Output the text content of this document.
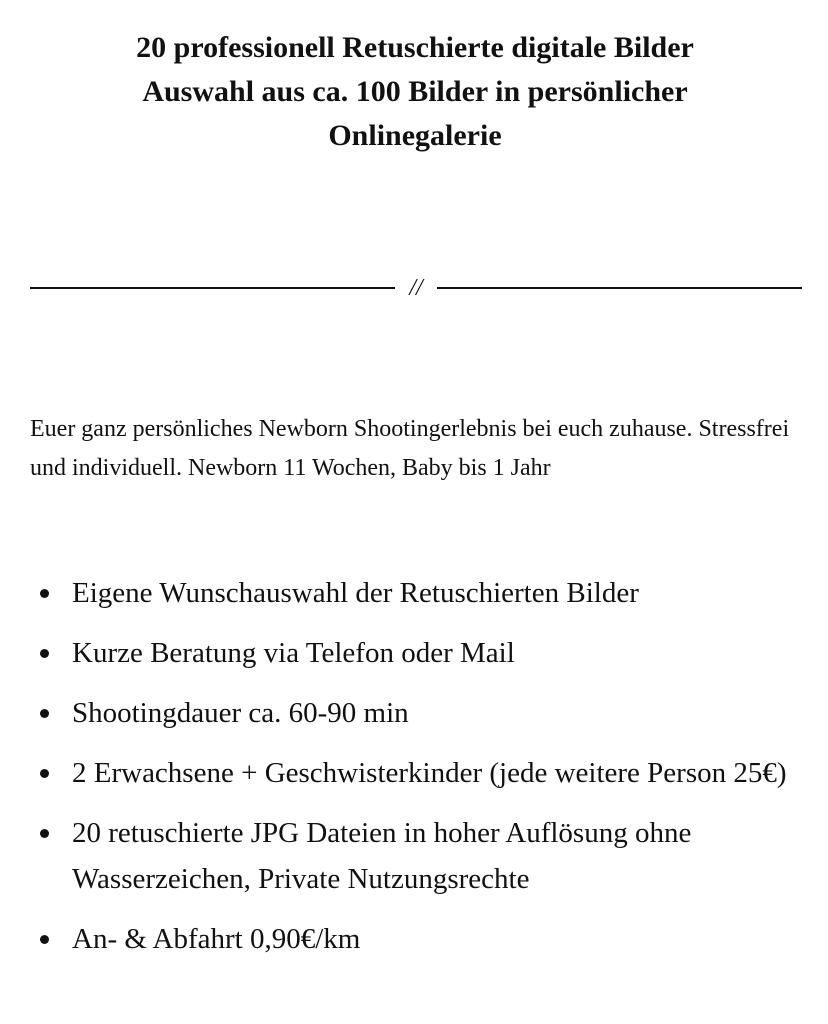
20 professionell Retuschierte digitale Bilder
Auswahl aus ca. 100 Bilder in persönlicher
Onlinegalerie
//

Euer ganz persönliches Newborn Shootingerlebnis bei euch zuhause. Stressfrei und individuell. Newborn 11 Wochen, Baby bis 1 Jahr

Eigene Wunschauswahl der Retuschierten Bilder
Kurze Beratung via Telefon oder Mail
Shootingdauer ca. 60-90 min
2 Erwachsene + Geschwisterkinder (jede weitere Person 25€)
20 retuschierte JPG Dateien in hoher Auflösung ohne Wasserzeichen, Private Nutzungsrechte
An- & Abfahrt 0,90€/km
